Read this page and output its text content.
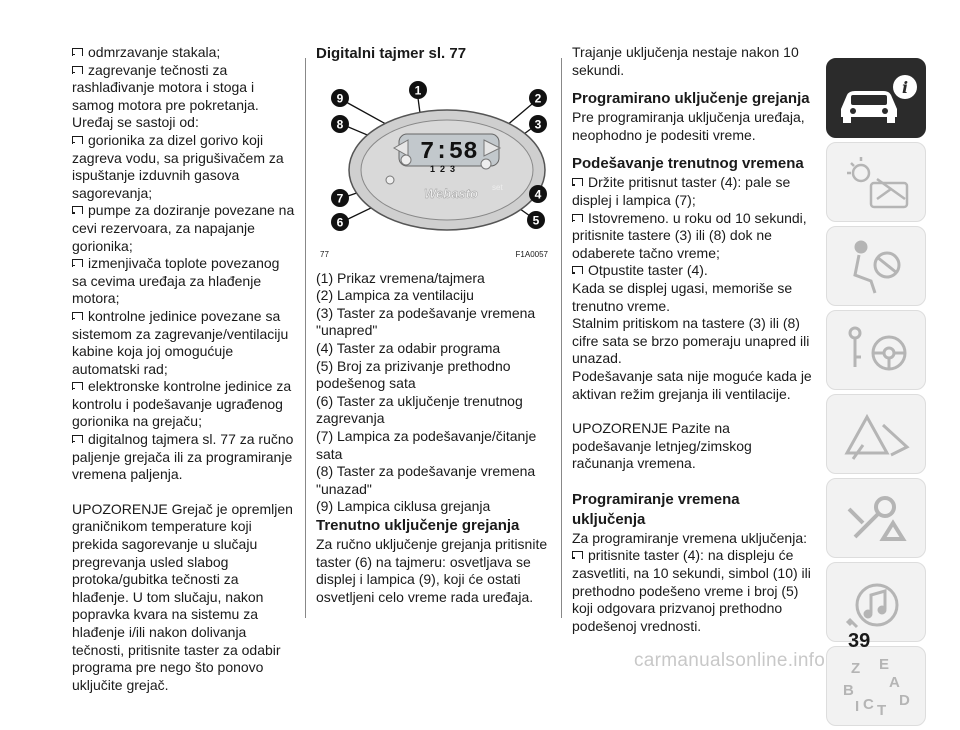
odmrzavanje stakala;

zagrevanje tečnosti za rashlađivanje motora i stoga i samog motora pre pokretanja.

Uređaj se sastoji od:

gorionika za dizel gorivo koji zagreva vodu, sa prigušivačem za ispuštanje izduvnih gasova sagorevanja;

pumpe za doziranje povezane na cevi rezervoara, za napajanje gorionika;

izmenjivača toplote povezanog sa cevima uređaja za hlađenje motora;

kontrolne jedinice povezane sa sistemom za zagrevanje/ventilaciju kabine koja joj omogućuje automatski rad;

elektronske kontrolne jedinice za kontrolu i podešavanje ugrađenog gorionika na grejaču;

digitalnog tajmera sl. 77 za ručno paljenje grejača ili za programiranje vremena paljenja.

UPOZORENJE Grejač je opremljen graničnikom temperature koji prekida sagorevanje u slučaju pregrevanja usled slabog protoka/gubitka tečnosti za hlađenje. U tom slučaju, nakon popravka kvara na sistemu za hlađenje i/ili nakon dolivanja tečnosti, pritisnite taster za odabir programa pre nego što ponovo uključite grejač.

Digitalni tajmer sl. 77
7:58
1 2 3
Webasto set
1
2
3
4
5
6
7
8
9
77	F1A0057

(1) Prikaz vremena/tajmera

(2) Lampica za ventilaciju

(3) Taster za podešavanje vremena "unapred"

(4) Taster za odabir programa

(5) Broj za prizivanje prethodno podešenog sata

(6) Taster za uključenje trenutnog zagrevanja

(7) Lampica za podešavanje/čitanje sata

(8) Taster za podešavanje vremena "unazad"

(9) Lampica ciklusa grejanja

Trenutno uključenje grejanja

Za ručno uključenje grejanja pritisnite taster (6) na tajmeru: osvetljava se displej i lampica (9), koji će ostati osvetljeni celo vreme rada uređaja.

Trajanje uključenja nestaje nakon 10 sekundi.

Programirano uključenje grejanja

Pre programiranja uključenja uređaja, neophodno je podesiti vreme.

Podešavanje trenutnog vremena

Držite pritisnut taster (4): pale se displej i lampica (7);

Istovremeno. u roku od 10 sekundi, pritisnite tastere (3) ili (8) dok ne odaberete tačno vreme;

Otpustite taster (4).

Kada se displej ugasi, memoriše se trenutno vreme.

Stalnim pritiskom na tastere (3) ili (8) cifre sata se brzo pomeraju unapred ili unazad.

Podešavanje sata nije moguće kada je aktivan režim grejanja ili ventilacije.

UPOZORENJE Pazite na podešavanje letnjeg/zimskog računanja vremena.

Programiranje vremena uključenja

Za programiranje vremena uključenja:

pritisnite taster (4): na displeju će zasvetliti, na 10 sekundi, simbol (10) ili prethodno podešeno vreme i broj (5) koji odgovara prizvanoj prethodno podešenoj vrednosti.

i
Z E
A
B
C T
D
I
39
carmanualsonline.info
